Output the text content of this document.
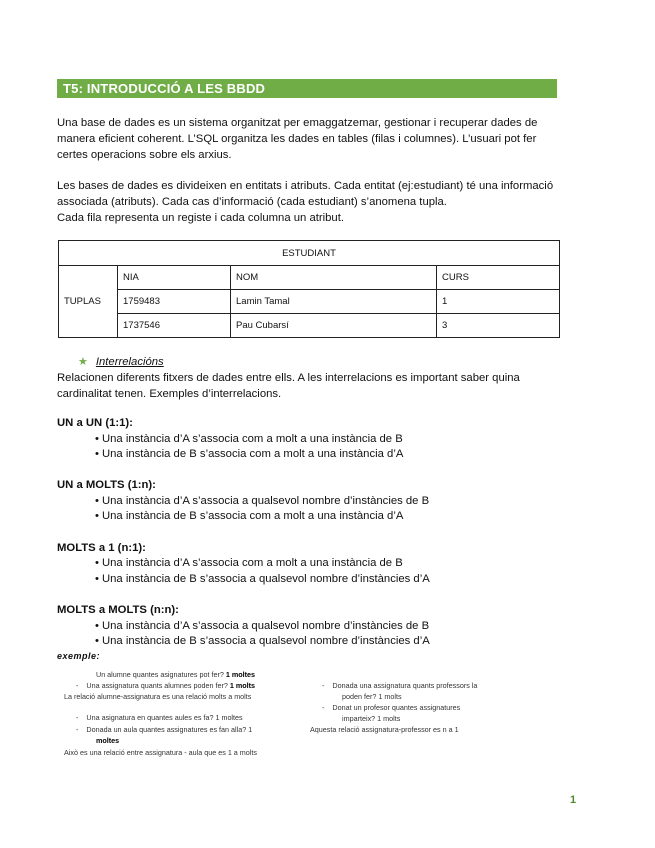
T5: INTRODUCCIÓ A LES BBDD
Una base de dades es un sistema organitzat per emaggatzemar, gestionar i recuperar dades de
manera eficient coherent. L’SQL organitza les dades en tables (filas i columnes). L’usuari pot fer
certes operacions sobre els arxius.
Les bases de dades es divideixen en entitats i atributs. Cada entitat (ej:estudiant) té una informació
associada (atributs). Cada cas d’informació (cada estudiant) s’anomena tupla.
Cada fila representa un registe i cada columna un atribut.
ESTUDIANT			
TUPLAS	NIA	NOM	CURS
	1759483	Lamin Tamal	1
	1737546	Pau Cubarsí	3
★ Interrelacións
Relacionen diferents fitxers de dades entre ells. A les interrelacions es important saber quina
cardinalitat tenen. Exemples d’interrelacions.
UN a UN (1:1):
• Una instància d’A s’associa com a molt a una instància de B
• Una instància de B s’associa com a molt a una instància d’A
UN a MOLTS (1:n):
• Una instància d’A s’associa a qualsevol nombre d’instàncies de B
• Una instància de B s’associa com a molt a una instància d’A
MOLTS a 1 (n:1):
• Una instància d’A s’associa com a molt a una instància de B
• Una instància de B s’associa a qualsevol nombre d’instàncies d’A
MOLTS a MOLTS (n:n):
• Una instància d’A s’associa a qualsevol nombre d’instàncies de B
• Una instància de B s’associa a qualsevol nombre d’instàncies d’A
exemple:
Un alumne quantes asignatures pot fer? 1 moltes
-    Una assignatura quants alumnes poden fer? 1 molts
La relació alumne-assignatura es una relació molts a molts
-    Una asignatura en quantes aules es fa? 1 moltes
-    Donada un aula quantes assignatures es fan alla? 1
moltes
Això es una relació entre assignatura - aula que es 1 a molts
-    Donada una assignatura quants professors la
poden fer? 1 molts
-    Donat un profesor quantes assignatures
imparteix? 1 molts
Aquesta relació assignatura-professor es n a 1
1
